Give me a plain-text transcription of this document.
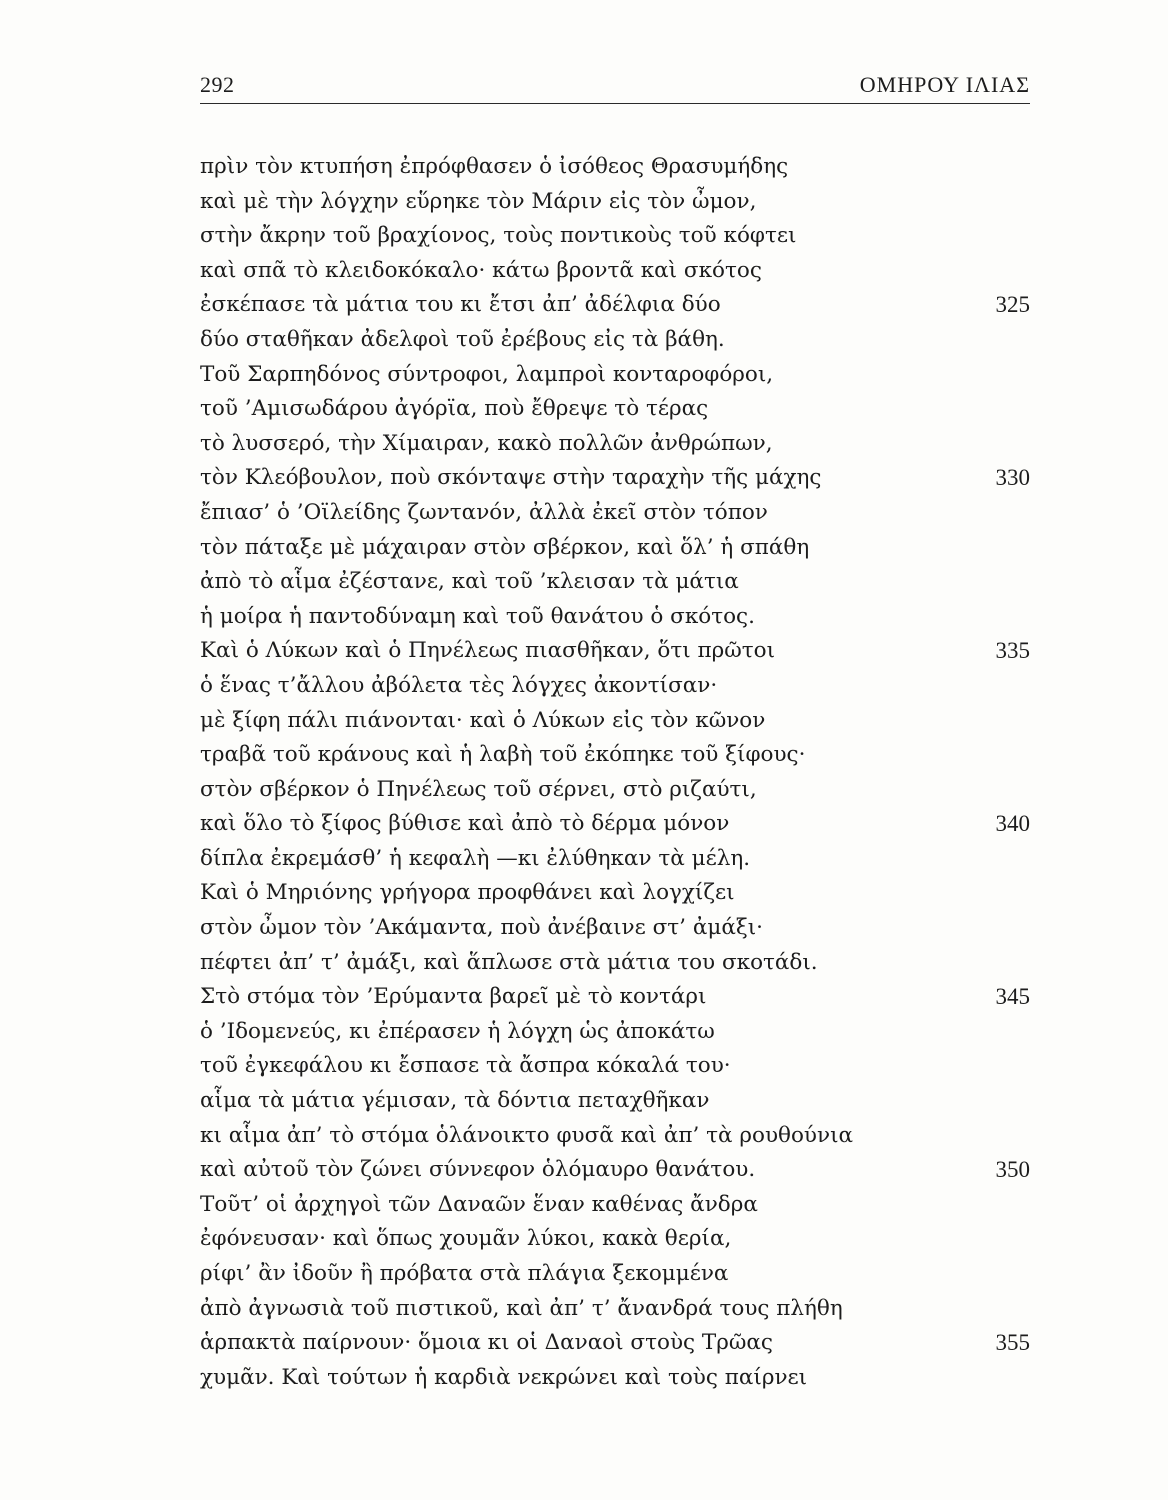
292	ΟΜΗΡΟΥ ΙΛΙΑΣ
πρὶν τὸν κτυπήση ἐπρόφθασεν ὁ ἰσόθεος Θρασυμήδης
καὶ μὲ τὴν λόγχην εὕρηκε τὸν Μάριν εἰς τὸν ὦμον,
στὴν ἄκρην τοῦ βραχίονος, τοὺς ποντικοὺς τοῦ κόφτει
καὶ σπᾶ τὸ κλειδοκόκαλο· κάτω βροντᾶ καὶ σκότος
ἐσκέπασε τὰ μάτια του κι ἔτσι ἀπ’ ἀδέλφια δύο	325
δύο σταθῆκαν ἀδελφοὶ τοῦ ἐρέβους εἰς τὰ βάθη.
Τοῦ Σαρπηδόνος σύντροφοι, λαμπροὶ κονταροφόροι,
τοῦ ’Αμισωδάρου ἀγόρϊα, ποὺ ἔθρεψε τὸ τέρας
τὸ λυσσερό, τὴν Χίμαιραν, κακὸ πολλῶν ἀνθρώπων,
τὸν Κλεόβουλον, ποὺ σκόνταψε στὴν ταραχὴν τῆς μάχης	330
ἔπιασ’ ὁ ’Οϊλείδης ζωντανόν, ἀλλὰ ἐκεῖ στὸν τόπον
τὸν πάταξε μὲ μάχαιραν στὸν σβέρκον, καὶ ὅλ’ ἡ σπάθη
ἀπὸ τὸ αἷμα ἐζέστανε, καὶ τοῦ ’κλεισαν τὰ μάτια
ἡ μοίρα ἡ παντοδύναμη καὶ τοῦ θανάτου ὁ σκότος.
Καὶ ὁ Λύκων καὶ ὁ Πηνέλεως πιασθῆκαν, ὅτι πρῶτοι	335
ὁ ἕνας τ’ἄλλου ἀβόλετα τὲς λόγχες ἀκοντίσαν·
μὲ ξίφη πάλι πιάνονται· καὶ ὁ Λύκων εἰς τὸν κῶνον
τραβᾶ τοῦ κράνους καὶ ἡ λαβὴ τοῦ ἐκόπηκε τοῦ ξίφους·
στὸν σβέρκον ὁ Πηνέλεως τοῦ σέρνει, στὸ ριζαύτι,
καὶ ὅλο τὸ ξίφος βύθισε καὶ ἀπὸ τὸ δέρμα μόνον	340
δίπλα ἐκρεμάσθ’ ἡ κεφαλὴ —κι ἐλύθηκαν τὰ μέλη.
Καὶ ὁ Μηριόνης γρήγορα προφθάνει καὶ λογχίζει
στὸν ὦμον τὸν ’Ακάμαντα, ποὺ ἀνέβαινε στ’ ἀμάξι·
πέφτει ἀπ’ τ’ ἀμάξι, καὶ ἅπλωσε στὰ μάτια του σκοτάδι.
Στὸ στόμα τὸν ’Ερύμαντα βαρεῖ μὲ τὸ κοντάρι	345
ὁ ’Ιδομενεύς, κι ἐπέρασεν ἡ λόγχη ὡς ἀποκάτω
τοῦ ἐγκεφάλου κι ἔσπασε τὰ ἄσπρα κόκαλά του·
αἷμα τὰ μάτια γέμισαν, τὰ δόντια πεταχθῆκαν
κι αἷμα ἀπ’ τὸ στόμα ὁλάνοικτο φυσᾶ καὶ ἀπ’ τὰ ρουθούνια
καὶ αὐτοῦ τὸν ζώνει σύννεφον ὁλόμαυρο θανάτου.	350
Τοῦτ’ οἱ ἀρχηγοὶ τῶν Δαναῶν ἕναν καθένας ἄνδρα
ἐφόνευσαν· καὶ ὅπως χουμᾶν λύκοι, κακὰ θερία,
ρίφι’ ἂν ἰδοῦν ἢ πρόβατα στὰ πλάγια ξεκομμένα
ἀπὸ ἀγνωσιὰ τοῦ πιστικοῦ, καὶ ἀπ’ τ’ ἄνανδρά τους πλήθη
ἁρπακτὰ παίρνουν· ὅμοια κι οἱ Δαναοὶ στοὺς Τρῶας	355
χυμᾶν. Καὶ τούτων ἡ καρδιὰ νεκρώνει καὶ τοὺς παίρνει
